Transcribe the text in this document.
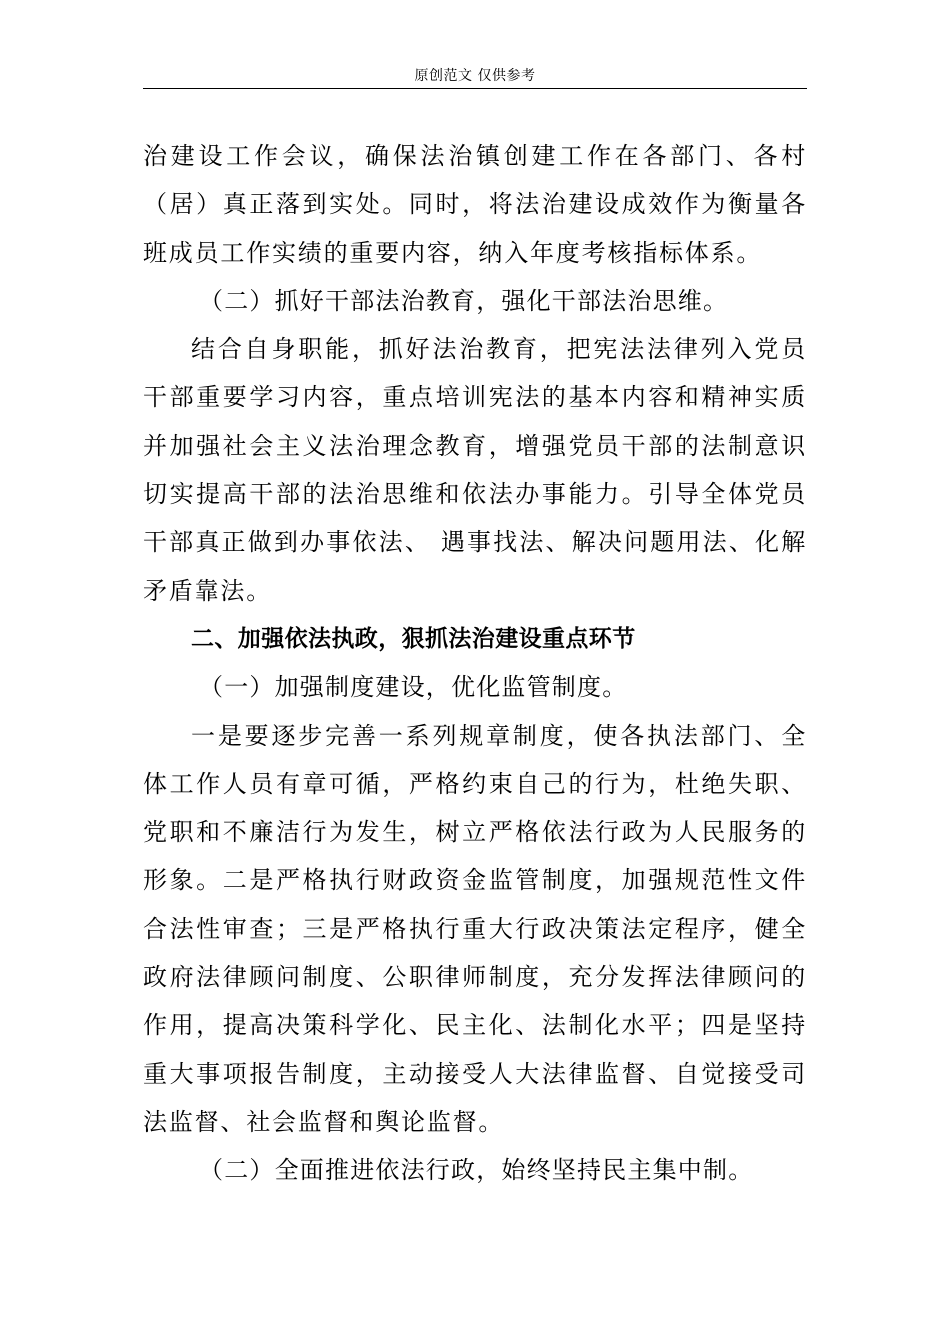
原创范文 仅供参考

治建设工作会议，确保法治镇创建工作在各部门、各村（居）真正落到实处。同时，将法治建设成效作为衡量各班成员工作实绩的重要内容，纳入年度考核指标体系。

（二）抓好干部法治教育，强化干部法治思维。

结合自身职能，抓好法治教育，把宪法法律列入党员干部重要学习内容，重点培训宪法的基本内容和精神实质并加强社会主义法治理念教育，增强党员干部的法制意识切实提高干部的法治思维和依法办事能力。引导全体党员干部真正做到办事依法、 遇事找法、解决问题用法、化解矛盾靠法。

二、加强依法执政，狠抓法治建设重点环节

（一）加强制度建设，优化监管制度。

一是要逐步完善一系列规章制度，使各执法部门、全体工作人员有章可循，严格约束自己的行为，杜绝失职、党职和不廉洁行为发生，树立严格依法行政为人民服务的形象。二是严格执行财政资金监管制度，加强规范性文件合法性审查；三是严格执行重大行政决策法定程序，健全政府法律顾问制度、公职律师制度，充分发挥法律顾问的作用，提高决策科学化、民主化、法制化水平；四是坚持重大事项报告制度，主动接受人大法律监督、自觉接受司法监督、社会监督和舆论监督。

（二）全面推进依法行政，始终坚持民主集中制。
